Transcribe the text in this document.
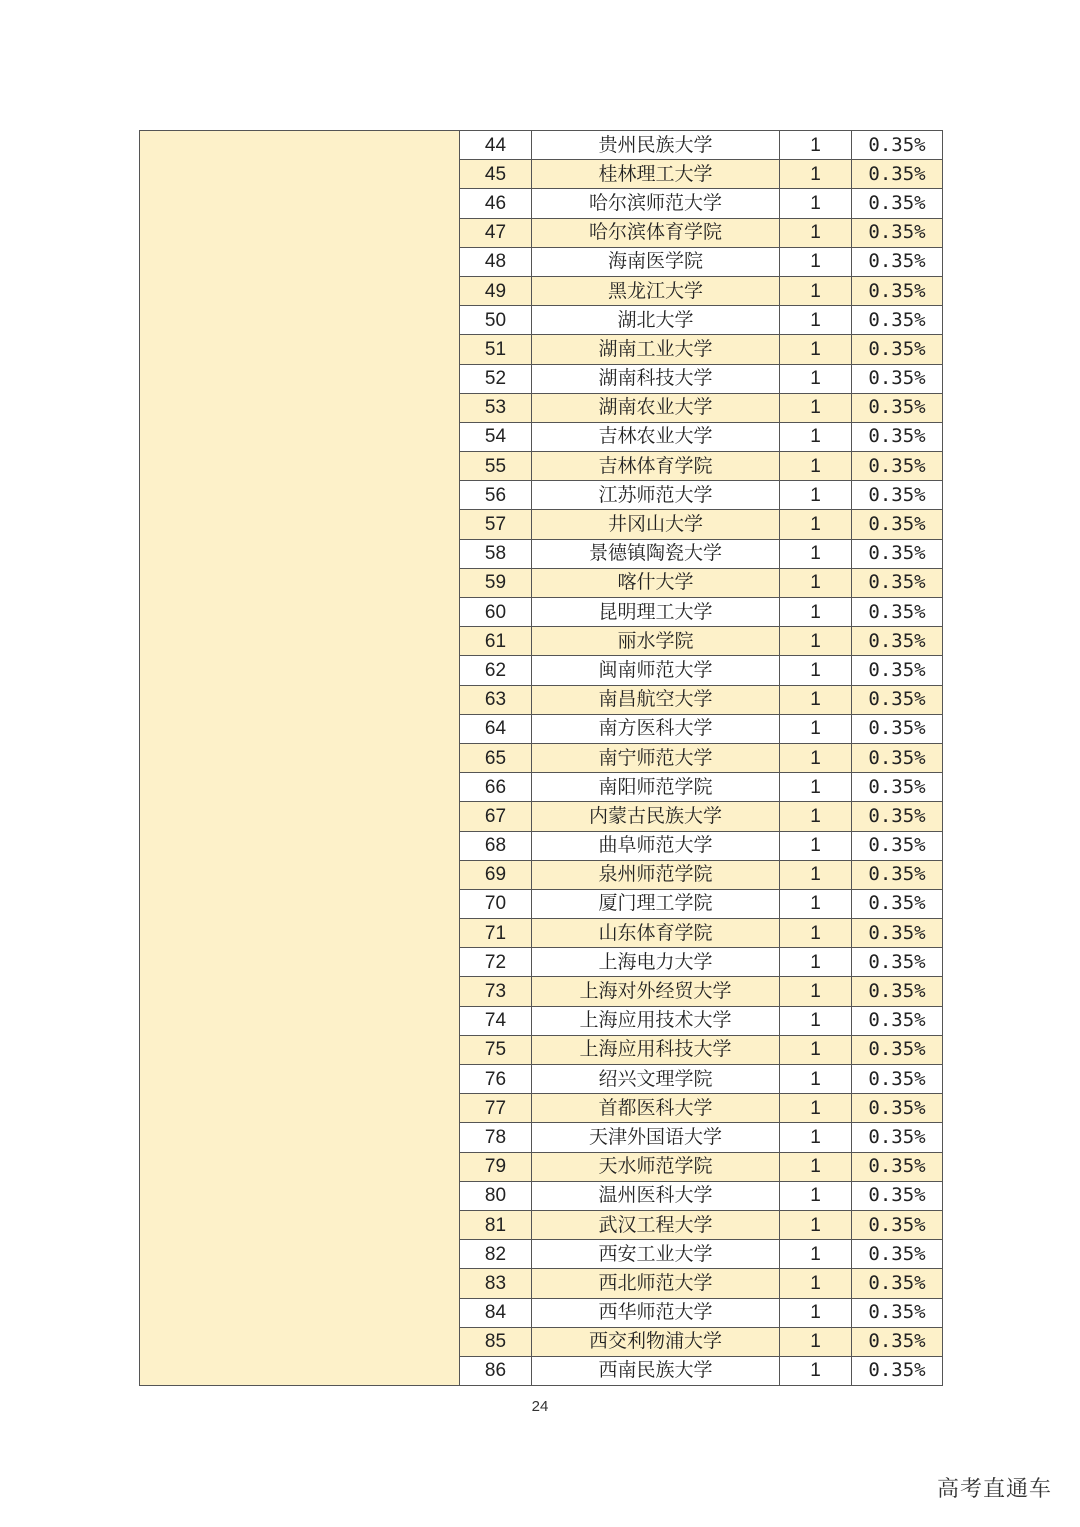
	44	贵州民族大学	1	0.35%
	45	桂林理工大学	1	0.35%
	46	哈尔滨师范大学	1	0.35%
	47	哈尔滨体育学院	1	0.35%
	48	海南医学院	1	0.35%
	49	黑龙江大学	1	0.35%
	50	湖北大学	1	0.35%
	51	湖南工业大学	1	0.35%
	52	湖南科技大学	1	0.35%
	53	湖南农业大学	1	0.35%
	54	吉林农业大学	1	0.35%
	55	吉林体育学院	1	0.35%
	56	江苏师范大学	1	0.35%
	57	井冈山大学	1	0.35%
	58	景德镇陶瓷大学	1	0.35%
	59	喀什大学	1	0.35%
	60	昆明理工大学	1	0.35%
	61	丽水学院	1	0.35%
	62	闽南师范大学	1	0.35%
	63	南昌航空大学	1	0.35%
	64	南方医科大学	1	0.35%
	65	南宁师范大学	1	0.35%
	66	南阳师范学院	1	0.35%
	67	内蒙古民族大学	1	0.35%
	68	曲阜师范大学	1	0.35%
	69	泉州师范学院	1	0.35%
	70	厦门理工学院	1	0.35%
	71	山东体育学院	1	0.35%
	72	上海电力大学	1	0.35%
	73	上海对外经贸大学	1	0.35%
	74	上海应用技术大学	1	0.35%
	75	上海应用科技大学	1	0.35%
	76	绍兴文理学院	1	0.35%
	77	首都医科大学	1	0.35%
	78	天津外国语大学	1	0.35%
	79	天水师范学院	1	0.35%
	80	温州医科大学	1	0.35%
	81	武汉工程大学	1	0.35%
	82	西安工业大学	1	0.35%
	83	西北师范大学	1	0.35%
	84	西华师范大学	1	0.35%
	85	西交利物浦大学	1	0.35%
	86	西南民族大学	1	0.35%
24
高考直通车
